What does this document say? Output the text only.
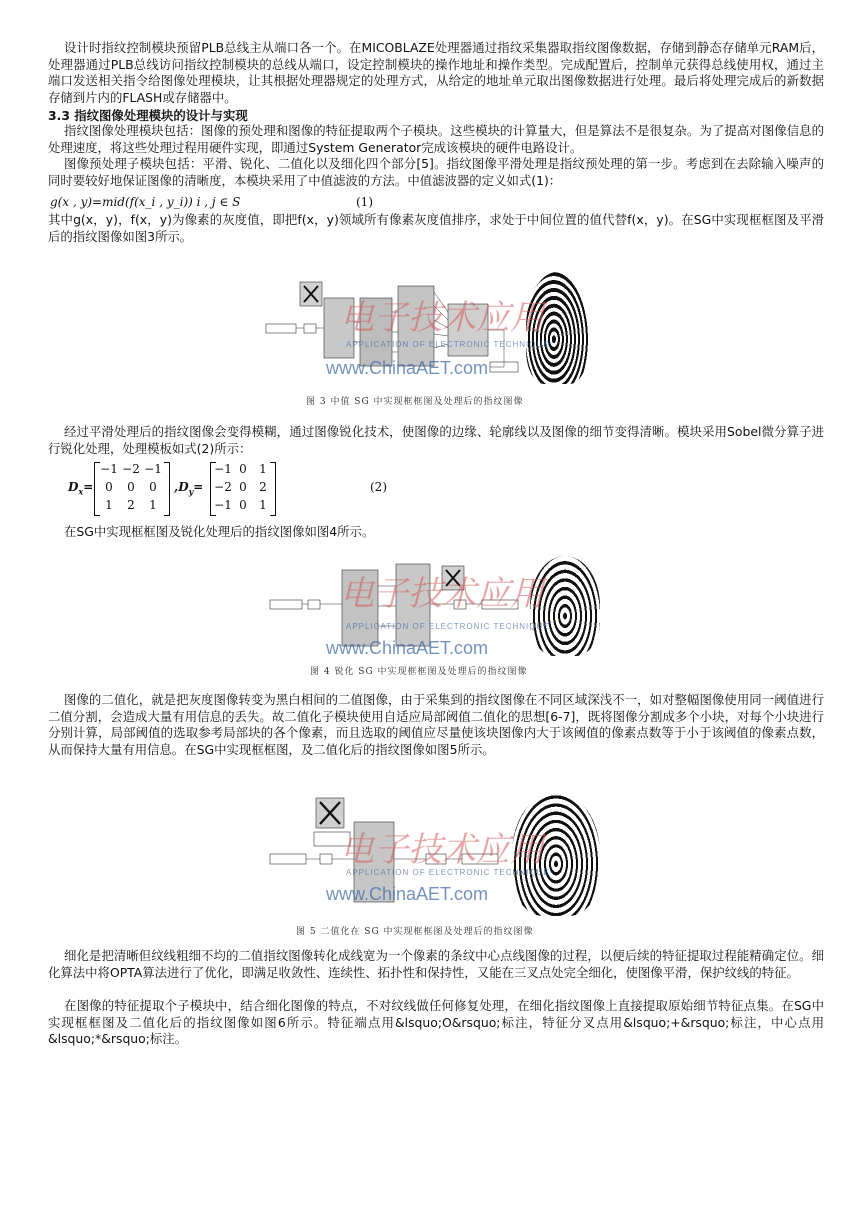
设计时指纹控制模块预留PLB总线主从端口各一个。在MICOBLAZE处理器通过指纹采集器取指纹图像数据，存储到静态存储单元RAM后，处理器通过PLB总线访问指纹控制模块的总线从端口，设定控制模块的操作地址和操作类型。完成配置后，控制单元获得总线使用权，通过主端口发送相关指令给图像处理模块，让其根据处理器规定的处理方式，从给定的地址单元取出图像数据进行处理。最后将处理完成后的新数据存储到片内的FLASH或存储器中。

3.3 指纹图像处理模块的设计与实现

指纹图像处理模块包括：图像的预处理和图像的特征提取两个子模块。这些模块的计算量大，但是算法不是很复杂。为了提高对图像信息的处理速度，将这些处理过程用硬件实现，即通过System Generator完成该模块的硬件电路设计。

图像预处理子模块包括：平滑、锐化、二值化以及细化四个部分[5]。指纹图像平滑处理是指纹预处理的第一步。考虑到在去除输入噪声的同时要较好地保证图像的清晰度，本模块采用了中值滤波的方法。中值滤波器的定义如式(1)：

g(x , y)=mid(f(x_i , y_i)) i , j ∈ S	(1)

其中g(x，y)，f(x，y)为像素的灰度值，即把f(x，y)领域所有像素灰度值排序，求处于中间位置的值代替f(x，y)。在SG中实现框框图及平滑后的指纹图像如图3所示。

电子技术应用
APPLICATION OF ELECTRONIC TECHNIQUE
www.ChinaAET.com
图 3 中值 SG 中实现框框图及处理后的指纹图像

经过平滑处理后的指纹图像会变得模糊，通过图像锐化技术，使图像的边缘、轮廓线以及图像的细节变得清晰。模块采用Sobel微分算子进行锐化处理，处理模板如式(2)所示：

$D_x=$
−1 −2 −1
0	0	0
1	2	1
$,D_y=$
−1 0	1
−2 0	2
−1 0	1
(2)

在SG中实现框框图及锐化处理后的指纹图像如图4所示。

电子技术应用
APPLICATION OF ELECTRONIC TECHNIQUE
www.ChinaAET.com
图 4 锐化 SG 中实现框框图及处理后的指纹图像

图像的二值化，就是把灰度图像转变为黑白相间的二值图像，由于采集到的指纹图像在不同区域深浅不一，如对整幅图像使用同一阈值进行二值分割，会造成大量有用信息的丢失。故二值化子模块使用自适应局部阈值二值化的思想[6-7]，既将图像分割成多个小块，对每个小块进行分别计算，局部阈值的选取参考局部块的各个像素，而且选取的阈值应尽量使该块图像内大于该阈值的像素点数等于小于该阈值的像素点数，从而保持大量有用信息。在SG中实现框框图，及二值化后的指纹图像如图5所示。

电子技术应用
APPLICATION OF ELECTRONIC TECHNIQUE
www.ChinaAET.com
图 5 二值化在 SG 中实现框框图及处理后的指纹图像

细化是把清晰但纹线粗细不均的二值指纹图像转化成线宽为一个像素的条纹中心点线图像的过程，以便后续的特征提取过程能精确定位。细化算法中将OPTA算法进行了优化，即满足收敛性、连续性、拓扑性和保持性，又能在三叉点处完全细化，使图像平滑，保护纹线的特征。

在图像的特征提取个子模块中，结合细化图像的特点，不对纹线做任何修复处理，在细化指纹图像上直接提取原始细节特征点集。在SG中实现框框图及二值化后的指纹图像如图6所示。特征端点用&lsquo;O&rsquo;标注，特征分叉点用&lsquo;+&rsquo;标注，中心点用&lsquo;*&rsquo;标注。
